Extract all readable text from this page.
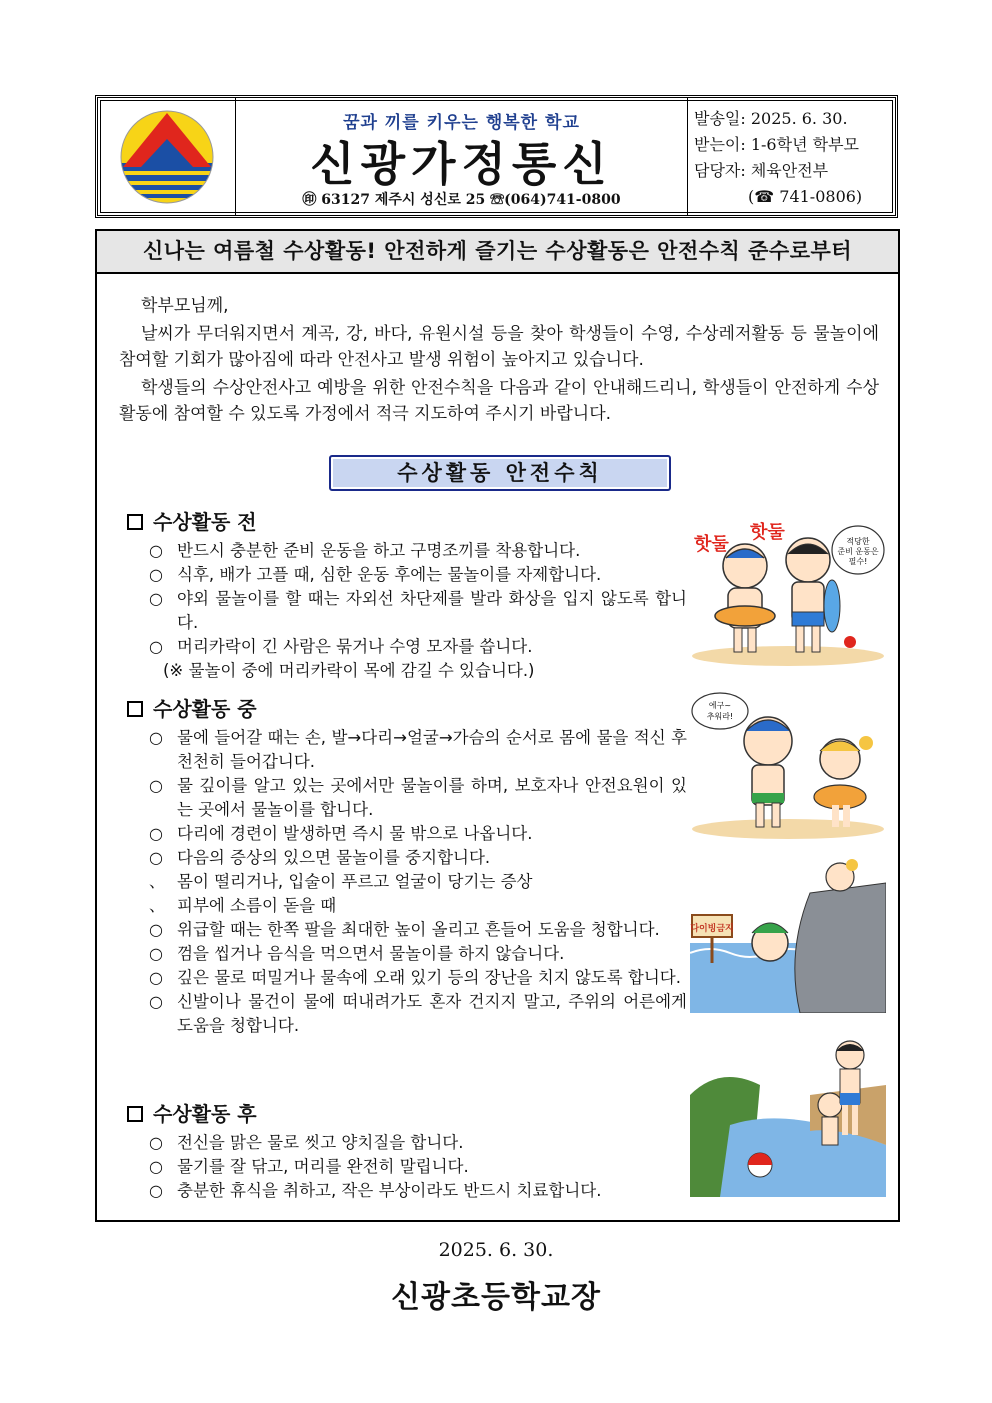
꿈과 끼를 키우는 행복한 학교
신광가정통신
㊞ 63127 제주시 성신로 25 ☏(064)741-0800
발송일: 2025. 6. 30.
받는이: 1-6학년 학부모
담당자: 체육안전부
(☎ 741-0806)
신나는 여름철 수상활동! 안전하게 즐기는 수상활동은 안전수칙 준수로부터

학부모님께,

날씨가 무더워지면서 계곡, 강, 바다, 유원시설 등을 찾아 학생들이 수영, 수상레저활동 등 물놀이에 참여할 기회가 많아짐에 따라 안전사고 발생 위험이 높아지고 있습니다.

학생들의 수상안전사고 예방을 위한 안전수칙을 다음과 같이 안내해드리니, 학생들이 안전하게 수상활동에 참여할 수 있도록 가정에서 적극 지도하여 주시기 바랍니다.

수상활동 안전수칙
수상활동 전
○ 반드시 충분한 준비 운동을 하고 구명조끼를 착용합니다.
○ 식후, 배가 고플 때, 심한 운동 후에는 물놀이를 자제합니다.
○ 야외 물놀이를 할 때는 자외선 차단제를 발라 화상을 입지 않도록 합니다.
○ 머리카락이 긴 사람은 묶거나 수영 모자를 씁니다.
(※ 물놀이 중에 머리카락이 목에 감길 수 있습니다.)
적당한
준비 운동은
필수!
핫둘
핫둘
수상활동 중
○ 물에 들어갈 때는 손, 발→다리→얼굴→가슴의 순서로 몸에 물을 적신 후 천천히 들어갑니다.
○ 물 깊이를 알고 있는 곳에서만 물놀이를 하며, 보호자나 안전요원이 있는 곳에서 물놀이를 합니다.
○ 다리에 경련이 발생하면 즉시 물 밖으로 나옵니다.
○ 다음의 증상의 있으면 물놀이를 중지합니다.
、 몸이 떨리거나, 입술이 푸르고 얼굴이 당기는 증상
、 피부에 소름이 돋을 때
○ 위급할 때는 한쪽 팔을 최대한 높이 올리고 흔들어 도움을 청합니다.
○ 껌을 씹거나 음식을 먹으면서 물놀이를 하지 않습니다.
○ 깊은 물로 떠밀거나 물속에 오래 있기 등의 장난을 치지 않도록 합니다.
○ 신발이나 물건이 물에 떠내려가도 혼자 건지지 말고, 주위의 어른에게 도움을 청합니다.
에구~
추워라!
다이빙금지
수상활동 후
○ 전신을 맑은 물로 씻고 양치질을 합니다.
○ 물기를 잘 닦고, 머리를 완전히 말립니다.
○ 충분한 휴식을 취하고, 작은 부상이라도 반드시 치료합니다.
2025. 6. 30.
신광초등학교장
